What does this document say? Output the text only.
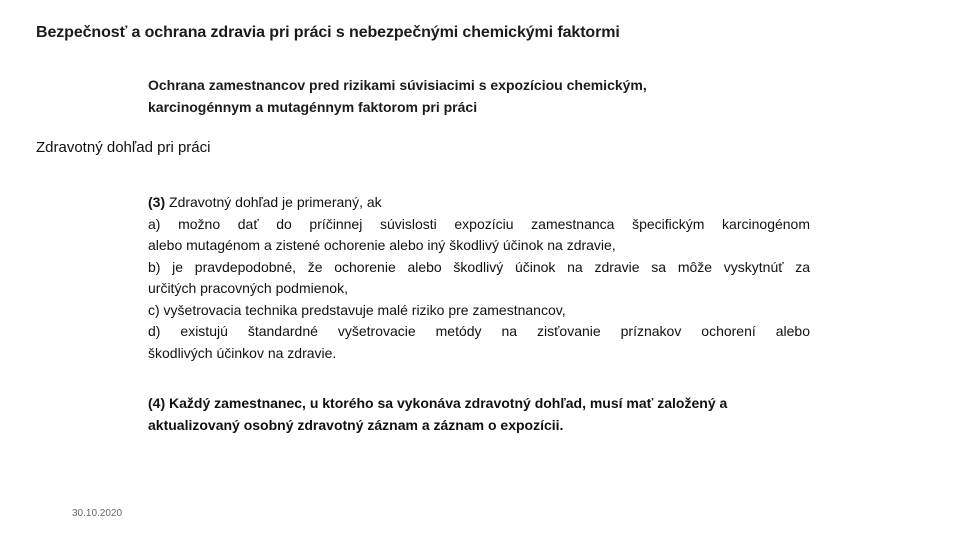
Bezpečnosť a ochrana zdravia pri práci s nebezpečnými chemickými faktormi
Ochrana zamestnancov pred rizikami súvisiacimi s expozíciou chemickým,
karcinogénnym a mutagénnym faktorom pri práci
Zdravotný dohľad pri práci
(3) Zdravotný dohľad je primeraný, ak
a) možno dať do príčinnej súvislosti expozíciu zamestnanca špecifickým karcinogénom
alebo mutagénom a zistené ochorenie alebo iný škodlivý účinok na zdravie,
b) je pravdepodobné, že ochorenie alebo škodlivý účinok na zdravie sa môže vyskytnúť za
určitých pracovných podmienok,
c) vyšetrovacia technika predstavuje malé riziko pre zamestnancov,
d) existujú štandardné vyšetrovacie metódy na zisťovanie príznakov ochorení alebo
škodlivých účinkov na zdravie.
(4) Každý zamestnanec, u ktorého sa vykonáva zdravotný dohľad, musí mať založený a
aktualizovaný osobný zdravotný záznam a záznam o expozícii.
30.10.2020
